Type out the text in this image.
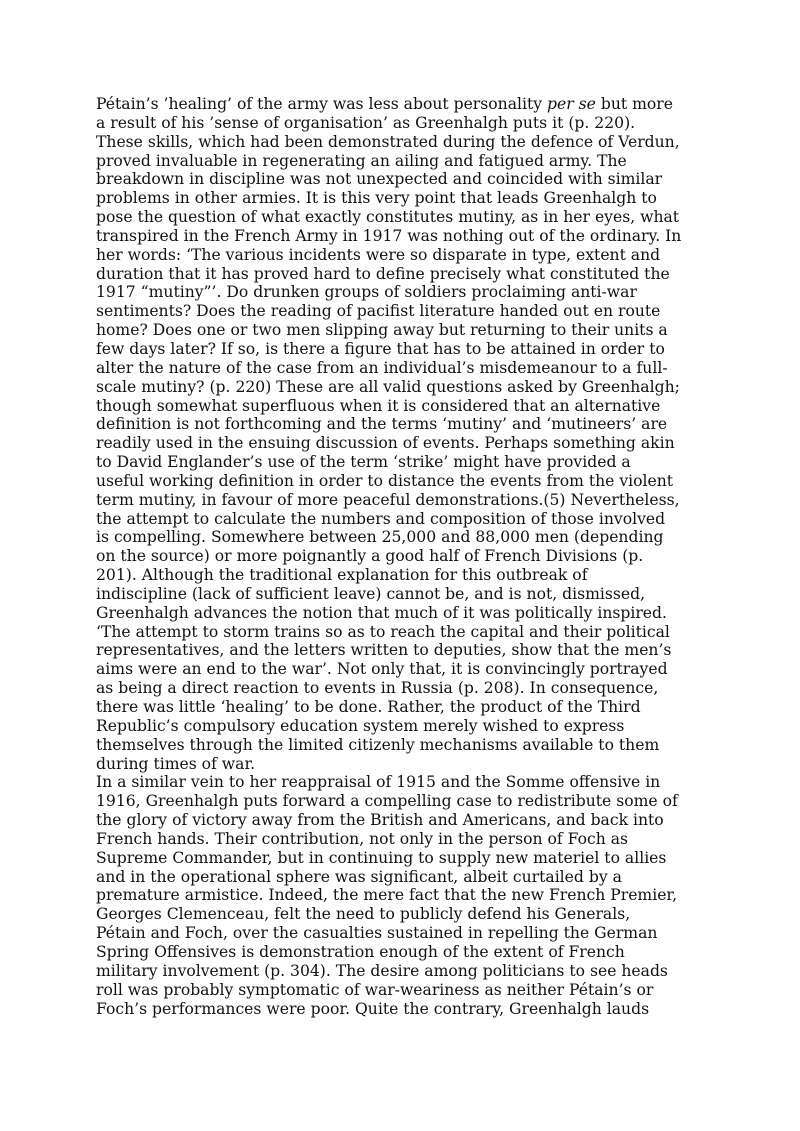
Pétain’s ’healing’ of the army was less about personality per se but more
a result of his ’sense of organisation’ as Greenhalgh puts it (p. 220).
These skills, which had been demonstrated during the defence of Verdun,
proved invaluable in regenerating an ailing and fatigued army. The
breakdown in discipline was not unexpected and coincided with similar
problems in other armies. It is this very point that leads Greenhalgh to
pose the question of what exactly constitutes mutiny, as in her eyes, what
transpired in the French Army in 1917 was nothing out of the ordinary. In
her words: ‘The various incidents were so disparate in type, extent and
duration that it has proved hard to define precisely what constituted the
1917 “mutiny”’. Do drunken groups of soldiers proclaiming anti-war
sentiments? Does the reading of pacifist literature handed out en route
home? Does one or two men slipping away but returning to their units a
few days later? If so, is there a figure that has to be attained in order to
alter the nature of the case from an individual’s misdemeanour to a full-
scale mutiny? (p. 220) These are all valid questions asked by Greenhalgh;
though somewhat superfluous when it is considered that an alternative
definition is not forthcoming and the terms ‘mutiny’ and ‘mutineers’ are
readily used in the ensuing discussion of events. Perhaps something akin
to David Englander’s use of the term ‘strike’ might have provided a
useful working definition in order to distance the events from the violent
term mutiny, in favour of more peaceful demonstrations.(5) Nevertheless,
the attempt to calculate the numbers and composition of those involved
is compelling. Somewhere between 25,000 and 88,000 men (depending
on the source) or more poignantly a good half of French Divisions (p.
201). Although the traditional explanation for this outbreak of
indiscipline (lack of sufficient leave) cannot be, and is not, dismissed,
Greenhalgh advances the notion that much of it was politically inspired.
‘The attempt to storm trains so as to reach the capital and their political
representatives, and the letters written to deputies, show that the men’s
aims were an end to the war’. Not only that, it is convincingly portrayed
as being a direct reaction to events in Russia (p. 208). In consequence,
there was little ‘healing’ to be done. Rather, the product of the Third
Republic’s compulsory education system merely wished to express
themselves through the limited citizenly mechanisms available to them
during times of war.
In a similar vein to her reappraisal of 1915 and the Somme offensive in
1916, Greenhalgh puts forward a compelling case to redistribute some of
the glory of victory away from the British and Americans, and back into
French hands. Their contribution, not only in the person of Foch as
Supreme Commander, but in continuing to supply new materiel to allies
and in the operational sphere was significant, albeit curtailed by a
premature armistice. Indeed, the mere fact that the new French Premier,
Georges Clemenceau, felt the need to publicly defend his Generals,
Pétain and Foch, over the casualties sustained in repelling the German
Spring Offensives is demonstration enough of the extent of French
military involvement (p. 304). The desire among politicians to see heads
roll was probably symptomatic of war-weariness as neither Pétain’s or
Foch’s performances were poor. Quite the contrary, Greenhalgh lauds
